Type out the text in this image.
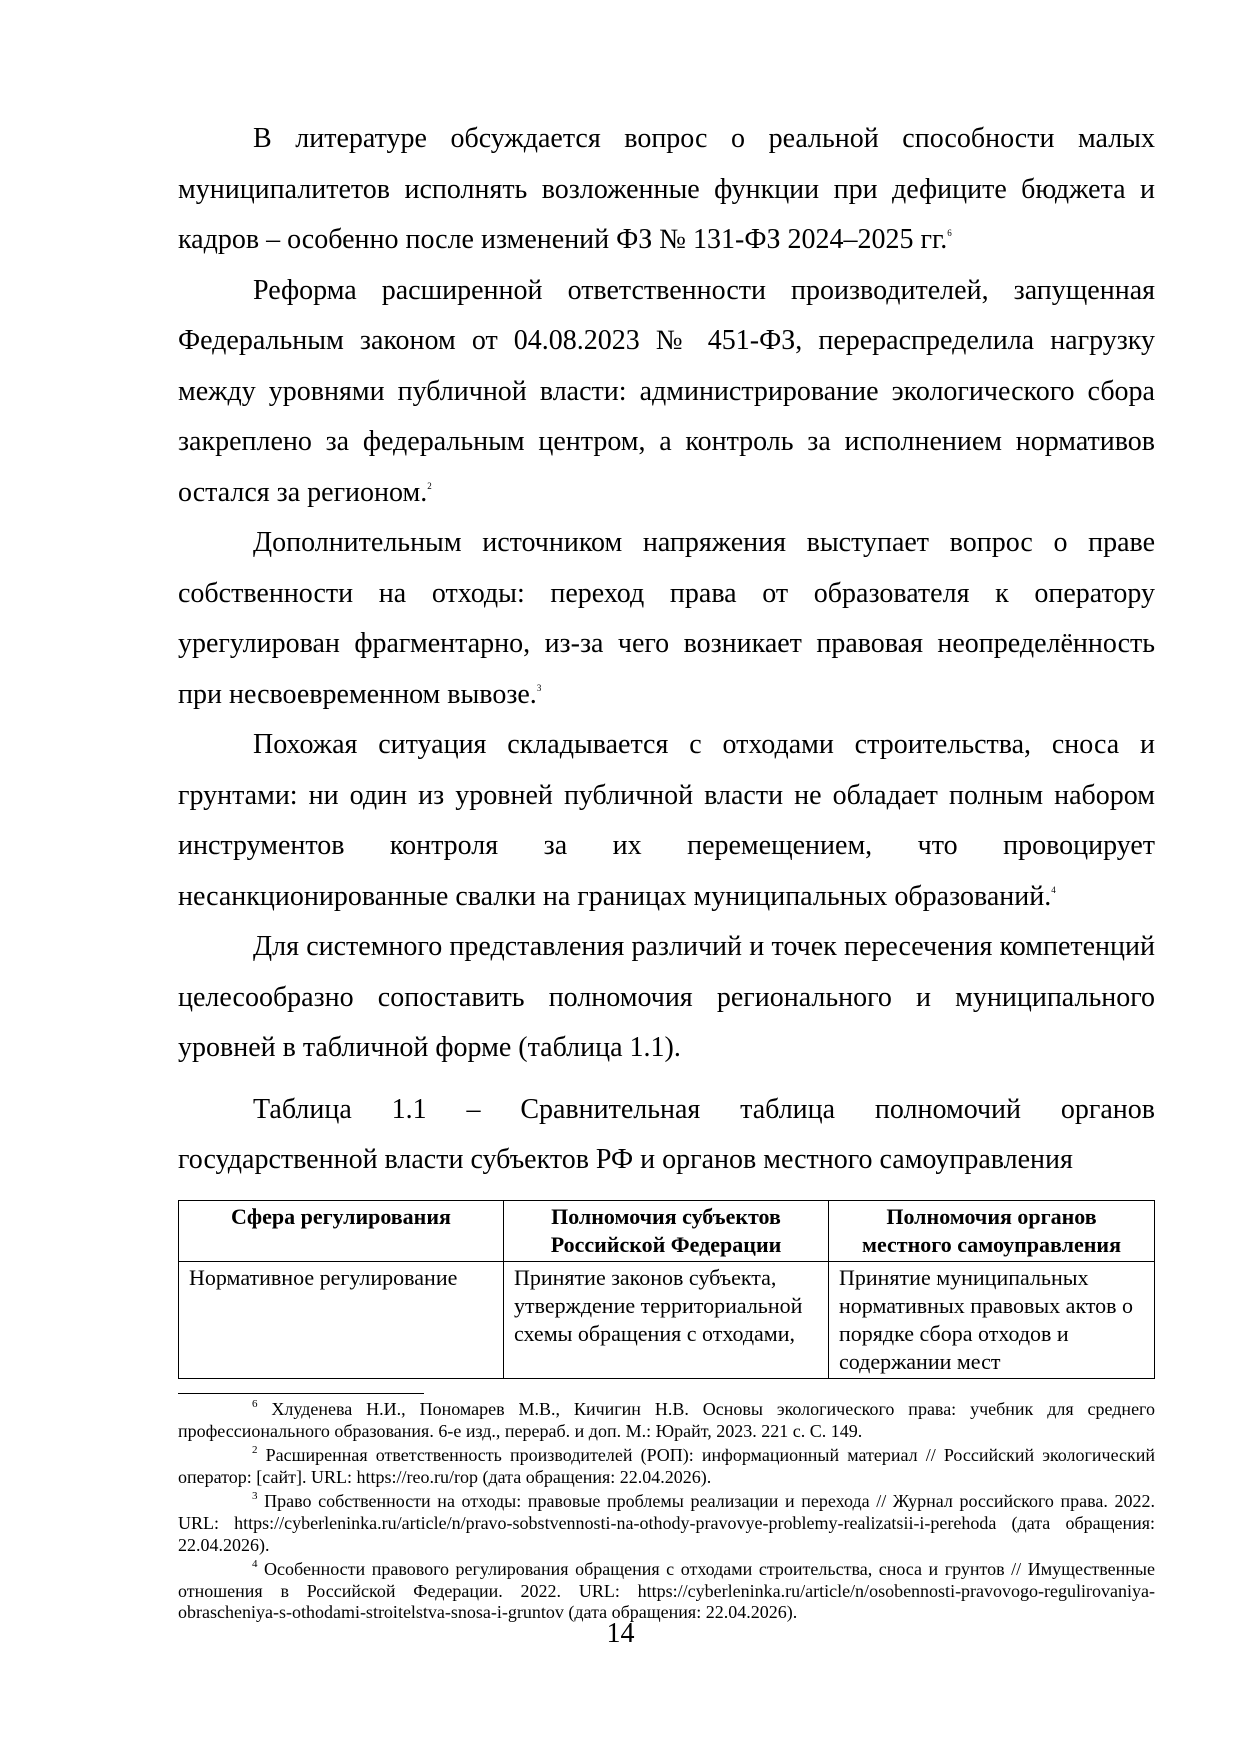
В литературе обсуждается вопрос о реальной способности малых муниципалитетов исполнять возложенные функции при дефиците бюджета и кадров – особенно после изменений ФЗ № 131-ФЗ 2024–2025 гг.$^6$

Реформа расширенной ответственности производителей, запущенная Федеральным законом от 04.08.2023 № 451-ФЗ, перераспределила нагрузку между уровнями публичной власти: администрирование экологического сбора закреплено за федеральным центром, а контроль за исполнением нормативов остался за регионом.$^2$

Дополнительным источником напряжения выступает вопрос о праве собственности на отходы: переход права от образователя к оператору урегулирован фрагментарно, из-за чего возникает правовая неопределённость при несвоевременном вывозе.$^3$

Похожая ситуация складывается с отходами строительства, сноса и грунтами: ни один из уровней публичной власти не обладает полным набором инструментов контроля за их перемещением, что провоцирует несанкционированные свалки на границах муниципальных образований.$^4$

Для системного представления различий и точек пересечения компетенций целесообразно сопоставить полномочия регионального и муниципального уровней в табличной форме (таблица 1.1).

Таблица 1.1 – Сравнительная таблица полномочий органов государственной власти субъектов РФ и органов местного самоуправления

Сфера регулирования	Полномочия субъектов Российской Федерации	Полномочия органов местного самоуправления
Нормативное регулирование	Принятие законов субъекта, утверждение территориальной схемы обращения с отходами,	Принятие муниципальных нормативных правовых актов о порядке сбора отходов и содержании мест

$^6$ Хлуденева Н.И., Пономарев М.В., Кичигин Н.В. Основы экологического права: учебник для среднего профессионального образования. 6-е изд., перераб. и доп. М.: Юрайт, 2023. 221 с. С. 149.

$^2$ Расширенная ответственность производителей (РОП): информационный материал // Российский экологический оператор: [сайт]. URL: https://reo.ru/rop (дата обращения: 22.04.2026).

$^3$ Право собственности на отходы: правовые проблемы реализации и перехода // Журнал российского права. 2022. URL: https://cyberleninka.ru/article/n/pravo-sobstvennosti-na-othody-pravovye-problemy-realizatsii-i-perehoda (дата обращения: 22.04.2026).

$^4$ Особенности правового регулирования обращения с отходами строительства, сноса и грунтов // Имущественные отношения в Российской Федерации. 2022. URL: https://cyberleninka.ru/article/n/osobennosti-pravovogo-regulirovaniya-obrascheniya-s-othodami-stroitelstva-snosa-i-gruntov (дата обращения: 22.04.2026).

14
